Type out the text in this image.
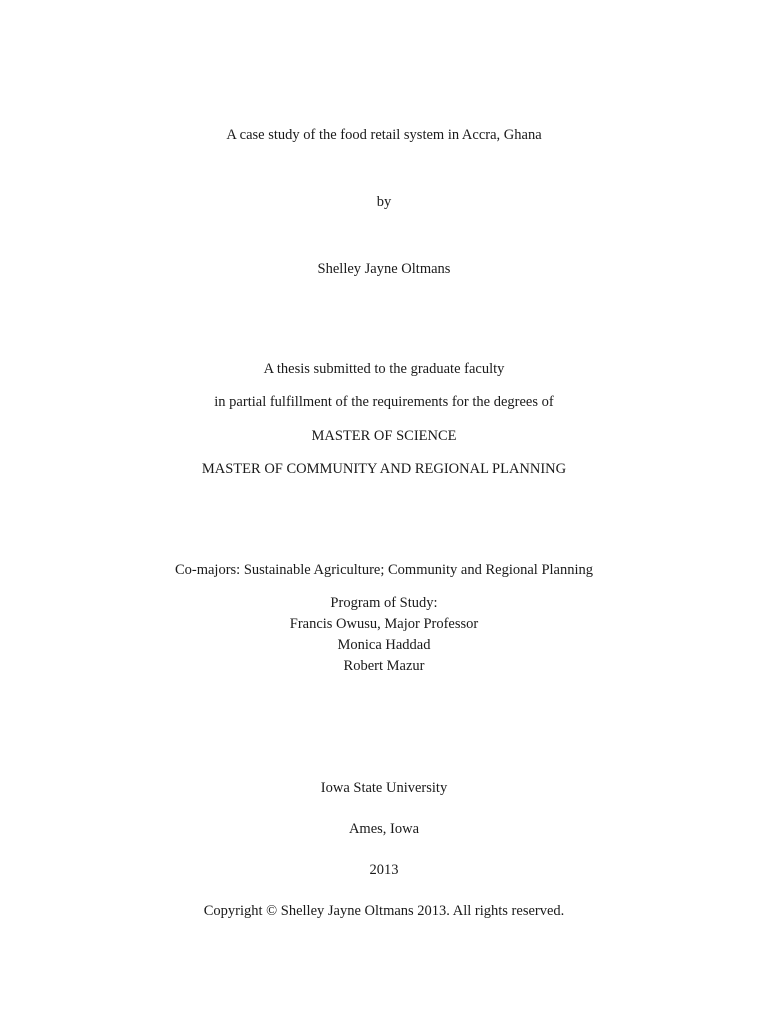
A case study of the food retail system in Accra, Ghana
by
Shelley Jayne Oltmans
A thesis submitted to the graduate faculty
in partial fulfillment of the requirements for the degrees of
MASTER OF SCIENCE
MASTER OF COMMUNITY AND REGIONAL PLANNING
Co-majors: Sustainable Agriculture; Community and Regional Planning
Program of Study:
Francis Owusu, Major Professor
Monica Haddad
Robert Mazur
Iowa State University
Ames, Iowa
2013
Copyright © Shelley Jayne Oltmans 2013. All rights reserved.
